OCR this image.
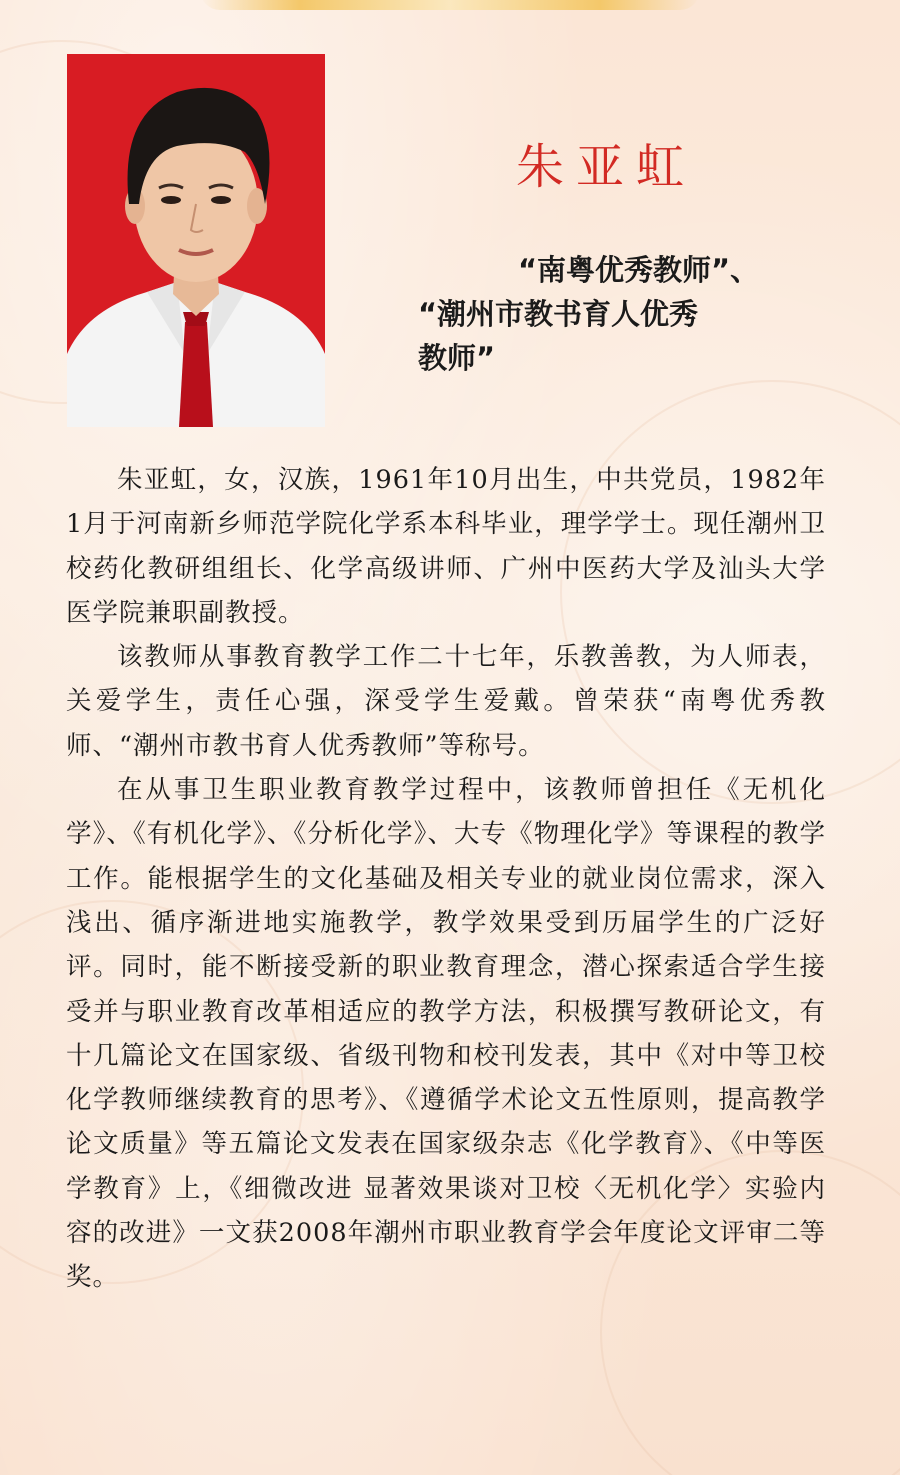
朱亚虹
“南粤优秀教师”、
“潮州市教书育人优秀
教师”

朱亚虹，女，汉族，1961年10月出生，中共党员，1982年1月于河南新乡师范学院化学系本科毕业，理学学士。现任潮州卫校药化教研组组长、化学高级讲师、广州中医药大学及汕头大学医学院兼职副教授。

该教师从事教育教学工作二十七年，乐教善教，为人师表，关爱学生，责任心强，深受学生爱戴。曾荣获“南粤优秀教师、“潮州市教书育人优秀教师”等称号。

在从事卫生职业教育教学过程中，该教师曾担任《无机化学》、《有机化学》、《分析化学》、大专《物理化学》等课程的教学工作。能根据学生的文化基础及相关专业的就业岗位需求，深入浅出、循序渐进地实施教学，教学效果受到历届学生的广泛好评。同时，能不断接受新的职业教育理念，潜心探索适合学生接受并与职业教育改革相适应的教学方法，积极撰写教研论文，有十几篇论文在国家级、省级刊物和校刊发表，其中《对中等卫校化学教师继续教育的思考》、《遵循学术论文五性原则，提高教学论文质量》等五篇论文发表在国家级杂志《化学教育》、《中等医学教育》上，《细微改进 显著效果谈对卫校〈无机化学〉实验内容的改进》一文获2008年潮州市职业教育学会年度论文评审二等奖。
